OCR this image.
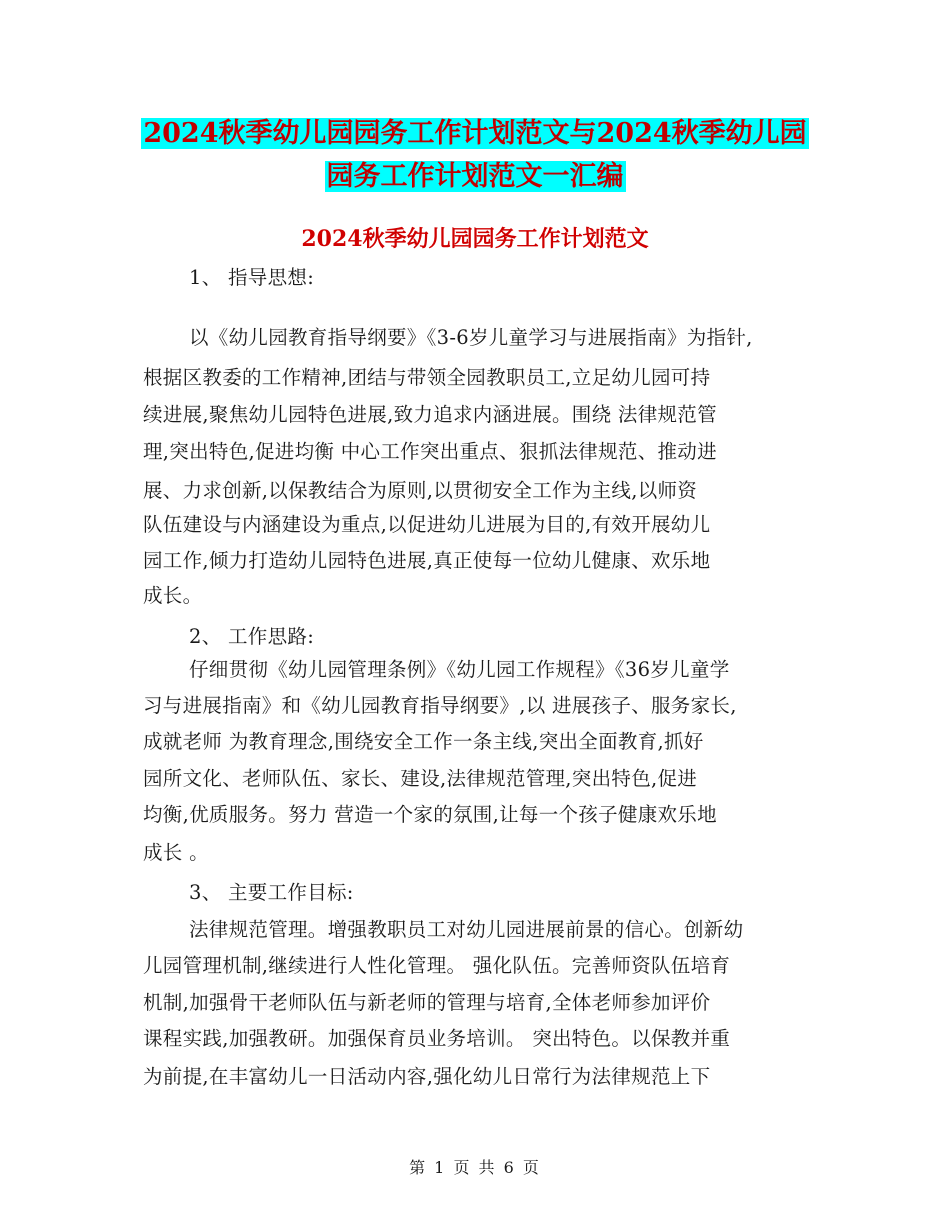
2024秋季幼儿园园务工作计划范文与2024秋季幼儿园
园务工作计划范文一汇编
2024秋季幼儿园园务工作计划范文
1、 指导思想:
以《幼儿园教育指导纲要》《3-6岁儿童学习与进展指南》为指针,
根据区教委的工作精神,团结与带领全园教职员工,立足幼儿园可持
续进展,聚焦幼儿园特色进展,致力追求内涵进展。围绕 法律规范管
理,突出特色,促进均衡 中心工作突出重点、狠抓法律规范、推动进
展、力求创新,以保教结合为原则,以贯彻安全工作为主线,以师资
队伍建设与内涵建设为重点,以促进幼儿进展为目的,有效开展幼儿
园工作,倾力打造幼儿园特色进展,真正使每一位幼儿健康、欢乐地
成长。
2、 工作思路:
仔细贯彻《幼儿园管理条例》《幼儿园工作规程》《36岁儿童学
习与进展指南》和《幼儿园教育指导纲要》,以 进展孩子、服务家长,
成就老师 为教育理念,围绕安全工作一条主线,突出全面教育,抓好
园所文化、老师队伍、家长、建设,法律规范管理,突出特色,促进
均衡,优质服务。努力 营造一个家的氛围,让每一个孩子健康欢乐地
成长 。
3、 主要工作目标:
法律规范管理。增强教职员工对幼儿园进展前景的信心。创新幼
儿园管理机制,继续进行人性化管理。 强化队伍。完善师资队伍培育
机制,加强骨干老师队伍与新老师的管理与培育,全体老师参加评价
课程实践,加强教研。加强保育员业务培训。 突出特色。以保教并重
为前提,在丰富幼儿一日活动内容,强化幼儿日常行为法律规范上下
第 1 页 共 6 页
